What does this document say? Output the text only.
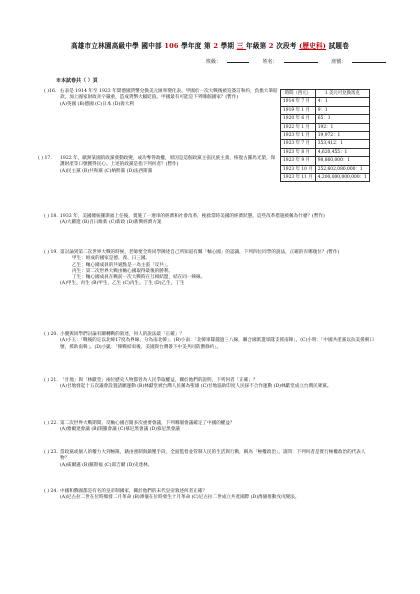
高雄市立林園高級中學 國中部 106 學年度 第 2 學期 三 年級第 2 次段考 (歷史科) 試題卷
班級：	姓名：	座號：
※本試卷共（ ）頁
時間（西元）	1 美元可兌換馬克
1914 年 7 月	4：1
1919 年 1 月	9：1
1920 年 6 月	65：1
1922 年 1 月	192：1
1923 年 1 月	19,972：1
1923 年 7 月	353,412：1
1923 年 8 月	4,620,455：1
1923 年 9 月	98,860,000：1
1923 年 10 月	252,602,080,000：1
1923 年 11 月	4,200,000,000,000：1
( )16. 右表是 1914 年至 1923 年間德國貨幣兌換美元匯率變化表。甲國於一次大戰後被迫簽訂和約，負擔大筆賠款，加上國家財政赤字嚴重，造成貨幣大幅貶值。甲國最有可能是下列哪個國家？(暫作)

(A)英國 (B)德國 (C)日本 (D)義大利

( ) 17. 1922 年，歐洲某國的政黨發動政變，成功奪得政權，原因是這個政黨主張民族主義，恢復古羅馬光榮，保護財產等口號獲得民心。上述的政黨是指下列何者？(暫作)

(A)民主黨 (B)共和黨 (C)納粹黨 (D)法西斯黨

( ) 18. 1933 年，美國總統羅斯福上任後，實施了一連串的經濟和社會改革，挽救當時美國的經濟狀態。這些改革措施被稱為什麼？(暫作)

(A)大躍進 (B)百日維新 (C)新政 (D)新興經濟方案

( ) 19. 第討論到第二次世界大戰的時候，老師要全班同學陳述自己所知道有關「軸心國」的認識，下列四位同學的說法，正確的有哪幾位？(暫作)

甲生：組成的國家是德、義、日三國。

乙生：軸心國成員的共通點是一為主張「反共」。

丙生：第二次世界大戰由軸心國取得最後的勝利。

丁生：軸心國成員在戰前一次大戰時在互相結盟，結在同一陣線。

(A)甲生、丙生 (B)甲生、乙生 (C)丙生、丁生 (D)乙生、丁生

( ) 20. 小優與同學們討論有關轉戰的敘述，何人的說法最「正確」？

(A)小玉：「戰後的定以北緯17度為界線，分為南北韓」。(B)小南：「北韓軍隊越過三八線，聯合國派遣軍隊支援南韓」。(C)小明：「中國共產黨以抗美援朝口號，援助南韓」。(D)小凱：「韓戰結束後，美國與台灣簽下中美共同防禦條約」。

( ) 21. 「甘地」與「林獻堂」兩位歷史人物都曾為人民爭取權益，關於他們的說明，下列何者「正確」？

(A)甘地發起十五次議會設置請願運動 (B)林獻堂被台灣人民稱為聖雄 (C)甘地協助印度人民採不合作運動 (D)林獻堂成立台灣民眾黨。

( ) 22. 第二次世界大戰期間，反軸心國召開多次重要會議，下列哪個會議確定了中國的權益？

(A)雅爾達會議 (B)開羅會議 (C)慕尼黑會議 (D)慕尼黑會議

( ) 23. 當政黨或個人的權力大到極限，藉由強制與鎮壓手段，全面監督並管制人民的生活與行動，稱為「極權政治」。請問：下列何者是實行極權政治的代表人物？

(A)威爾遜 (B)羅斯福 (C)邱吉爾 (D)史達林。

( ) 24. 中國和俄國都是有名的皇帝制國家，關於他們的末代皇帝敘述何者正確？

(A)尼古拉二世在位時爆發二月革命 (B)溥儀在位時發生十月革命 (C)尼古拉二世成立共產國際 (D)溥儀推動戊戌變法。
